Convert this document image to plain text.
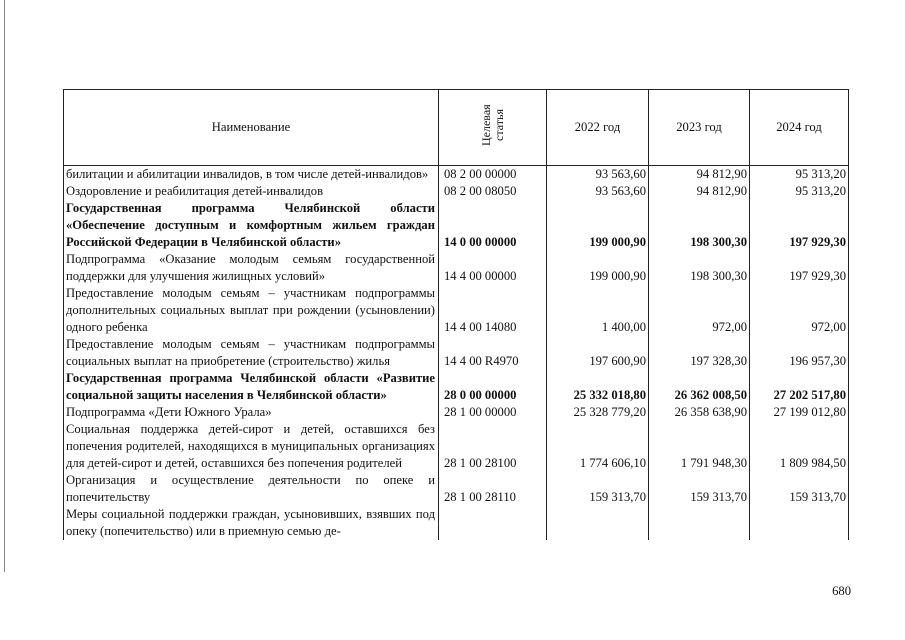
Наименование	Целевая статья	2022 год	2023 год	2024 год
билитации и абилитации инвалидов, в том числе детей-инвалидов»	08 2 00 00000	93 563,60	94 812,90	95 313,20
Оздоровление и реабилитация детей-инвалидов	08 2 00 08050	93 563,60	94 812,90	95 313,20
Государственная программа Челябинской области «Обеспечение доступным и комфортным жильем граждан Российской Федерации в Челябинской области»	14 0 00 00000	199 000,90	198 300,30	197 929,30
Подпрограмма «Оказание молодым семьям государственной поддержки для улучшения жилищных условий»	14 4 00 00000	199 000,90	198 300,30	197 929,30
Предоставление молодым семьям – участникам подпрограммы дополнительных социальных выплат при рождении (усыновлении) одного ребенка	14 4 00 14080	1 400,00	972,00	972,00
Предоставление молодым семьям – участникам подпрограммы социальных выплат на приобретение (строительство) жилья	14 4 00 R4970	197 600,90	197 328,30	196 957,30
Государственная программа Челябинской области «Развитие социальной защиты населения в Челябинской области»	28 0 00 00000	25 332 018,80	26 362 008,50	27 202 517,80
Подпрограмма «Дети Южного Урала»	28 1 00 00000	25 328 779,20	26 358 638,90	27 199 012,80
Социальная поддержка детей-сирот и детей, оставшихся без попечения родителей, находящихся в муниципальных организациях для детей-сирот и детей, оставшихся без попечения родителей	28 1 00 28100	1 774 606,10	1 791 948,30	1 809 984,50
Организация и осуществление деятельности по опеке и попечительству	28 1 00 28110	159 313,70	159 313,70	159 313,70
Меры социальной поддержки граждан, усыновивших, взявших под опеку (попечительство) или в приемную семью де-				
680
